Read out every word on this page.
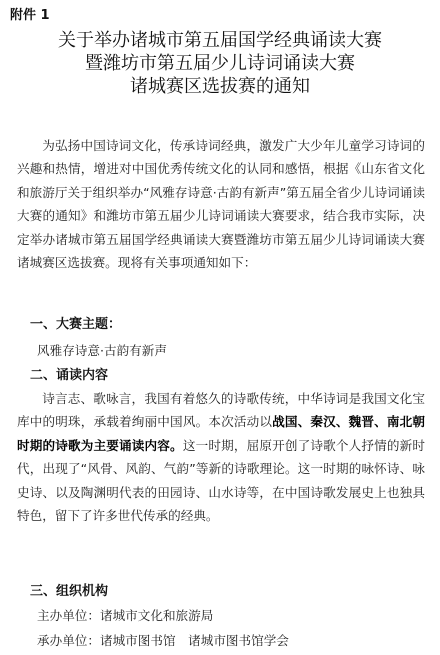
附件 1
关于举办诸城市第五届国学经典诵读大赛
暨潍坊市第五届少儿诗词诵读大赛
诸城赛区选拔赛的通知

为弘扬中国诗词文化，传承诗词经典，激发广大少年儿童学习诗词的兴趣和热情，增进对中国优秀传统文化的认同和感悟，根据《山东省文化和旅游厅关于组织举办“风雅存诗意·古韵有新声”第五届全省少儿诗词诵读大赛的通知》和潍坊市第五届少儿诗词诵读大赛要求，结合我市实际，决定举办诸城市第五届国学经典诵读大赛暨潍坊市第五届少儿诗词诵读大赛诸城赛区选拔赛。现将有关事项通知如下：

一、大赛主题：
风雅存诗意·古韵有新声
二、诵读内容

诗言志、歌咏言，我国有着悠久的诗歌传统，中华诗词是我国文化宝库中的明珠，承载着绚丽中国风。本次活动以战国、秦汉、魏晋、南北朝时期的诗歌为主要诵读内容。这一时期，屈原开创了诗歌个人抒情的新时代，出现了“风骨、风韵、气韵”等新的诗歌理论。这一时期的咏怀诗、咏史诗、以及陶渊明代表的田园诗、山水诗等，在中国诗歌发展史上也独具特色，留下了许多世代传承的经典。

三、组织机构
主办单位：诸城市文化和旅游局
承办单位：诸城市图书馆　诸城市图书馆学会
